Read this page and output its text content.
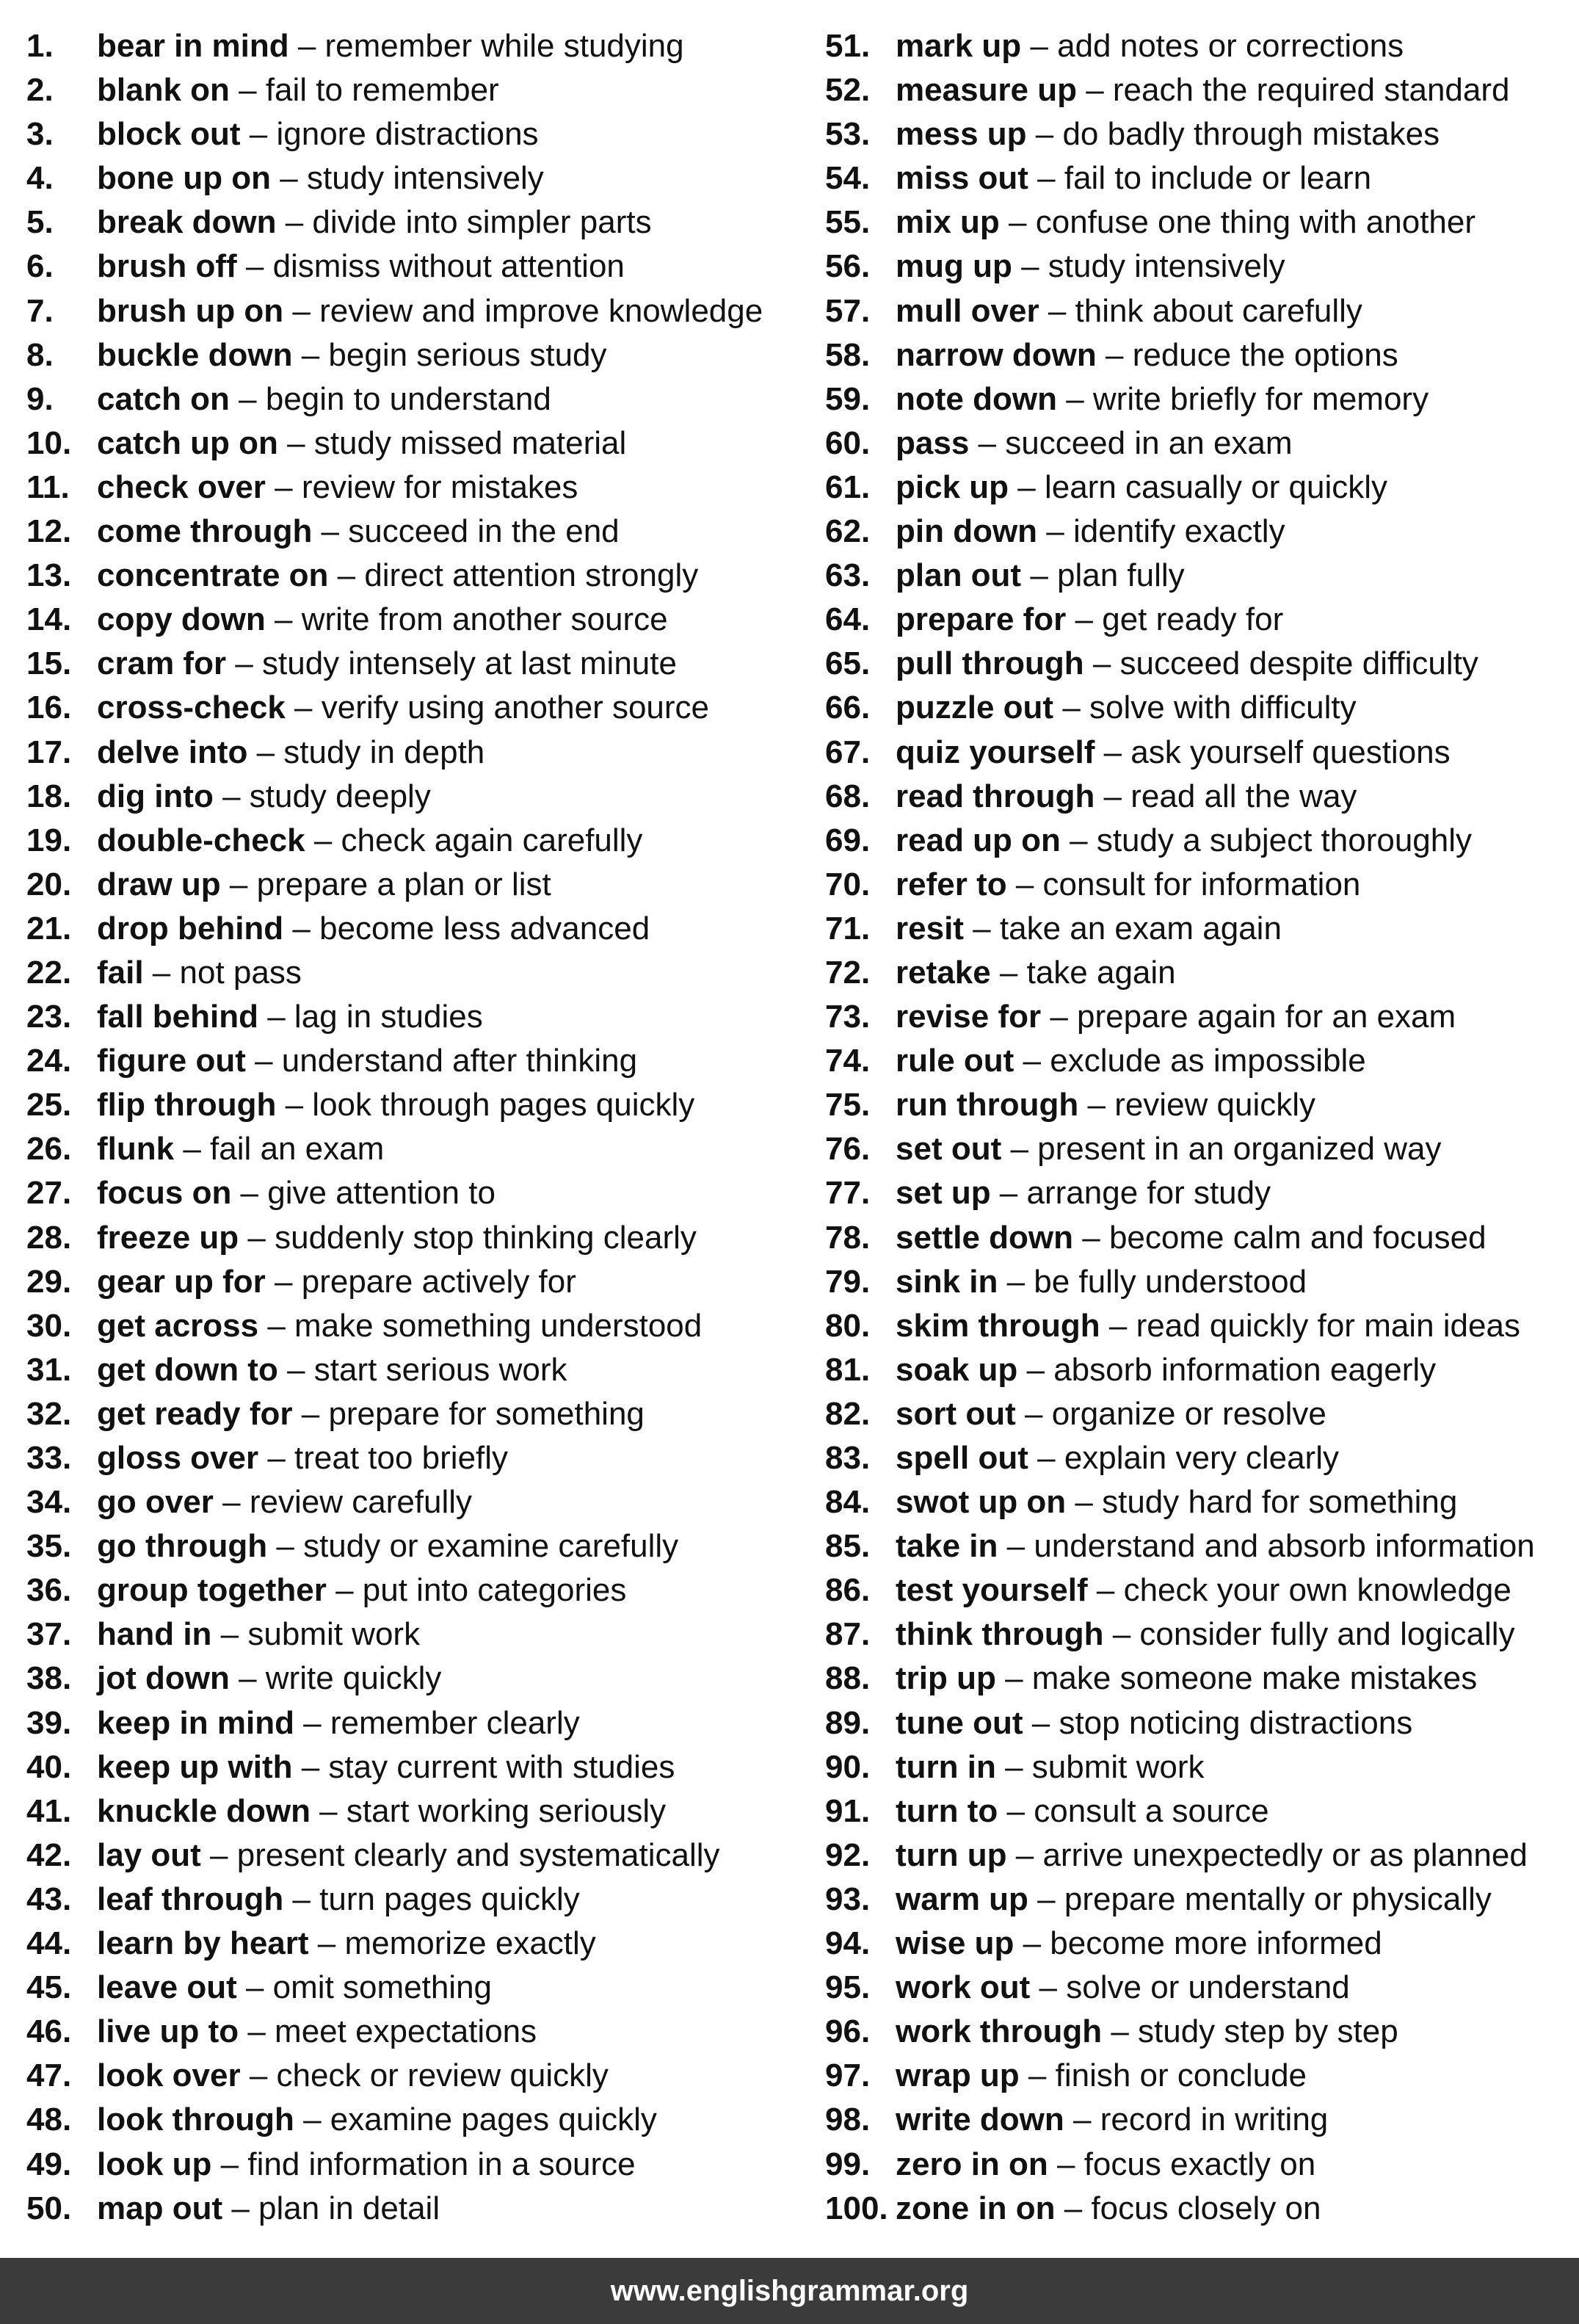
1. bear in mind – remember while studying
2. blank on – fail to remember
3. block out – ignore distractions
4. bone up on – study intensively
5. break down – divide into simpler parts
6. brush off – dismiss without attention
7. brush up on – review and improve knowledge
8. buckle down – begin serious study
9. catch on – begin to understand
10. catch up on – study missed material
11. check over – review for mistakes
12. come through – succeed in the end
13. concentrate on – direct attention strongly
14. copy down – write from another source
15. cram for – study intensely at last minute
16. cross-check – verify using another source
17. delve into – study in depth
18. dig into – study deeply
19. double-check – check again carefully
20. draw up – prepare a plan or list
21. drop behind – become less advanced
22. fail – not pass
23. fall behind – lag in studies
24. figure out – understand after thinking
25. flip through – look through pages quickly
26. flunk – fail an exam
27. focus on – give attention to
28. freeze up – suddenly stop thinking clearly
29. gear up for – prepare actively for
30. get across – make something understood
31. get down to – start serious work
32. get ready for – prepare for something
33. gloss over – treat too briefly
34. go over – review carefully
35. go through – study or examine carefully
36. group together – put into categories
37. hand in – submit work
38. jot down – write quickly
39. keep in mind – remember clearly
40. keep up with – stay current with studies
41. knuckle down – start working seriously
42. lay out – present clearly and systematically
43. leaf through – turn pages quickly
44. learn by heart – memorize exactly
45. leave out – omit something
46. live up to – meet expectations
47. look over – check or review quickly
48. look through – examine pages quickly
49. look up – find information in a source
50. map out – plan in detail
51. mark up – add notes or corrections
52. measure up – reach the required standard
53. mess up – do badly through mistakes
54. miss out – fail to include or learn
55. mix up – confuse one thing with another
56. mug up – study intensively
57. mull over – think about carefully
58. narrow down – reduce the options
59. note down – write briefly for memory
60. pass – succeed in an exam
61. pick up – learn casually or quickly
62. pin down – identify exactly
63. plan out – plan fully
64. prepare for – get ready for
65. pull through – succeed despite difficulty
66. puzzle out – solve with difficulty
67. quiz yourself – ask yourself questions
68. read through – read all the way
69. read up on – study a subject thoroughly
70. refer to – consult for information
71. resit – take an exam again
72. retake – take again
73. revise for – prepare again for an exam
74. rule out – exclude as impossible
75. run through – review quickly
76. set out – present in an organized way
77. set up – arrange for study
78. settle down – become calm and focused
79. sink in – be fully understood
80. skim through – read quickly for main ideas
81. soak up – absorb information eagerly
82. sort out – organize or resolve
83. spell out – explain very clearly
84. swot up on – study hard for something
85. take in – understand and absorb information
86. test yourself – check your own knowledge
87. think through – consider fully and logically
88. trip up – make someone make mistakes
89. tune out – stop noticing distractions
90. turn in – submit work
91. turn to – consult a source
92. turn up – arrive unexpectedly or as planned
93. warm up – prepare mentally or physically
94. wise up – become more informed
95. work out – solve or understand
96. work through – study step by step
97. wrap up – finish or conclude
98. write down – record in writing
99. zero in on – focus exactly on
100. zone in on – focus closely on
www.englishgrammar.org
